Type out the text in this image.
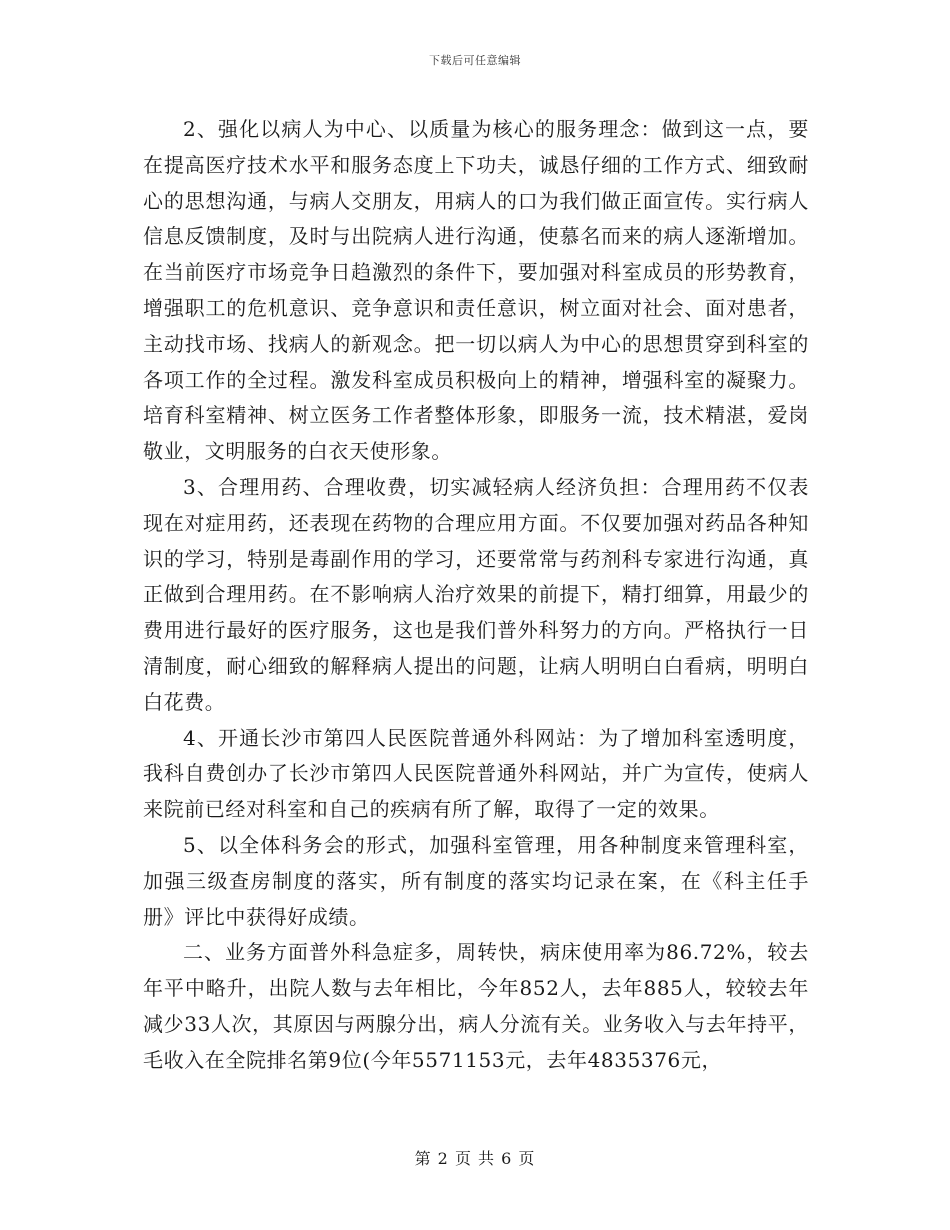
下载后可任意编辑

2、强化以病人为中心、以质量为核心的服务理念：做到这一点，要在提高医疗技术水平和服务态度上下功夫，诚恳仔细的工作方式、细致耐心的思想沟通，与病人交朋友，用病人的口为我们做正面宣传。实行病人信息反馈制度，及时与出院病人进行沟通，使慕名而来的病人逐渐增加。在当前医疗市场竞争日趋激烈的条件下，要加强对科室成员的形势教育，增强职工的危机意识、竞争意识和责任意识，树立面对社会、面对患者，主动找市场、找病人的新观念。把一切以病人为中心的思想贯穿到科室的各项工作的全过程。激发科室成员积极向上的精神，增强科室的凝聚力。培育科室精神、树立医务工作者整体形象，即服务一流，技术精湛，爱岗敬业，文明服务的白衣天使形象。

3、合理用药、合理收费，切实减轻病人经济负担：合理用药不仅表现在对症用药，还表现在药物的合理应用方面。不仅要加强对药品各种知识的学习，特别是毒副作用的学习，还要常常与药剂科专家进行沟通，真正做到合理用药。在不影响病人治疗效果的前提下，精打细算，用最少的费用进行最好的医疗服务，这也是我们普外科努力的方向。严格执行一日清制度，耐心细致的解释病人提出的问题，让病人明明白白看病，明明白白花费。

4、开通长沙市第四人民医院普通外科网站：为了增加科室透明度，我科自费创办了长沙市第四人民医院普通外科网站，并广为宣传，使病人来院前已经对科室和自己的疾病有所了解，取得了一定的效果。

5、以全体科务会的形式，加强科室管理，用各种制度来管理科室，加强三级查房制度的落实，所有制度的落实均记录在案，在《科主任手册》评比中获得好成绩。

二、业务方面普外科急症多，周转快，病床使用率为86.72%，较去年平中略升，出院人数与去年相比，今年852人，去年885人，较较去年减少33人次，其原因与两腺分出，病人分流有关。业务收入与去年持平，毛收入在全院排名第9位(今年5571153元，去年4835376元，

第 2 页 共 6 页
